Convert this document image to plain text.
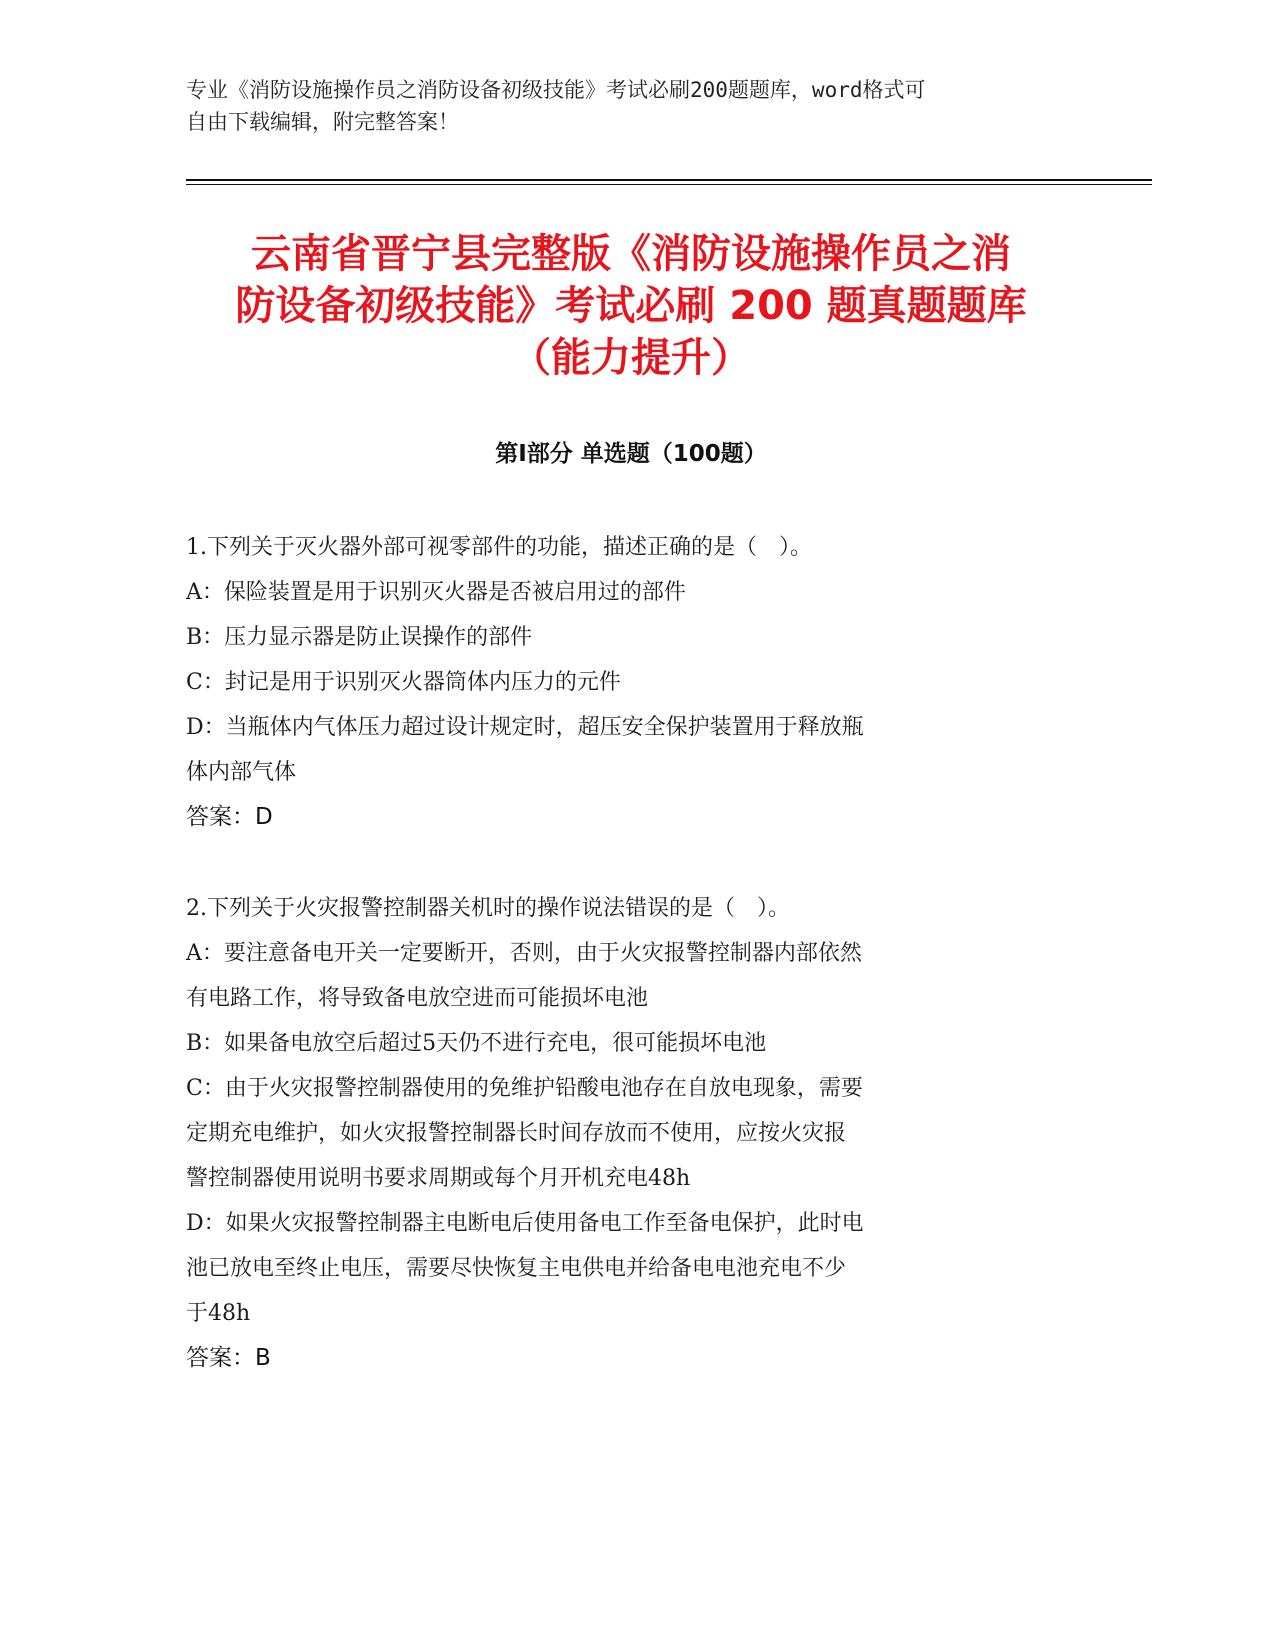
专业《消防设施操作员之消防设备初级技能》考试必刷200题题库，word格式可
自由下载编辑，附完整答案！
云南省晋宁县完整版《消防设施操作员之消
防设备初级技能》考试必刷 200 题真题题库
（能力提升）
第Ⅰ部分 单选题（100题）
1.下列关于灭火器外部可视零部件的功能，描述正确的是（　）。
A：保险装置是用于识别灭火器是否被启用过的部件
B：压力显示器是防止误操作的部件
C：封记是用于识别灭火器筒体内压力的元件
D：当瓶体内气体压力超过设计规定时，超压安全保护装置用于释放瓶
体内部气体
答案：D
2.下列关于火灾报警控制器关机时的操作说法错误的是（　）。
A：要注意备电开关一定要断开，否则，由于火灾报警控制器内部依然
有电路工作，将导致备电放空进而可能损坏电池
B：如果备电放空后超过5天仍不进行充电，很可能损坏电池
C：由于火灾报警控制器使用的免维护铅酸电池存在自放电现象，需要
定期充电维护，如火灾报警控制器长时间存放而不使用，应按火灾报
警控制器使用说明书要求周期或每个月开机充电48h
D：如果火灾报警控制器主电断电后使用备电工作至备电保护，此时电
池已放电至终止电压，需要尽快恢复主电供电并给备电电池充电不少
于48h
答案：B
